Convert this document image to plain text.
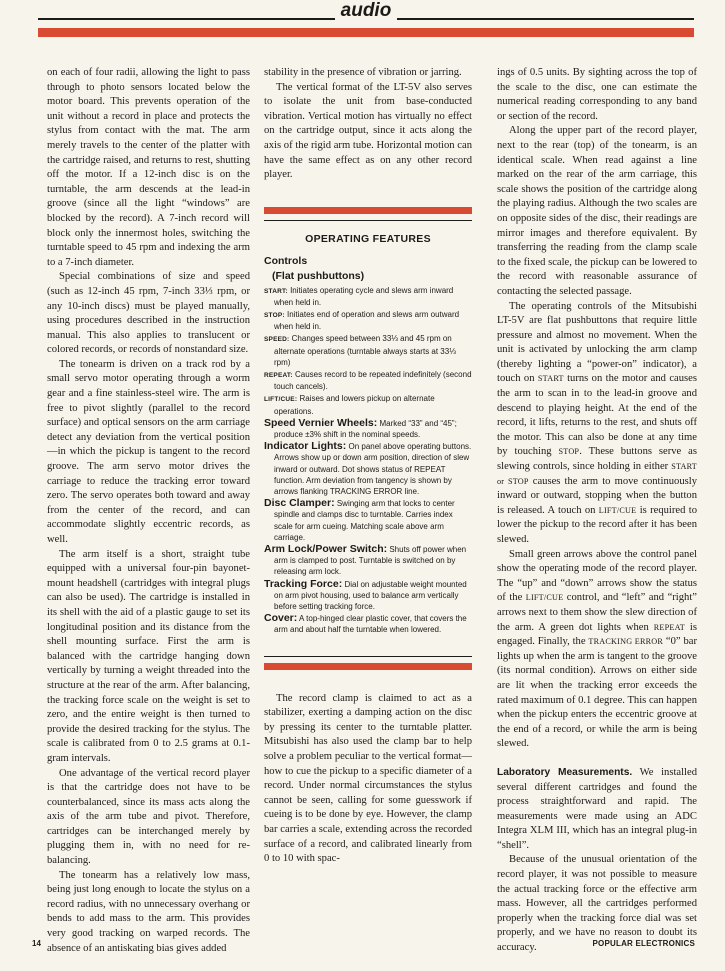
audio

on each of four radii, allowing the light to pass through to photo sensors located below the motor board. This prevents operation of the unit without a record in place and protects the stylus from contact with the mat. The arm merely travels to the center of the platter with the cartridge raised, and returns to rest, shutting off the motor. If a 12-inch disc is on the turntable, the arm descends at the lead-in groove (since all the light “windows” are blocked by the record). A 7-inch record will block only the innermost holes, switching the turntable speed to 45 rpm and indexing the arm to a 7-inch diameter.

Special combinations of size and speed (such as 12-inch 45 rpm, 7-inch 33⅓ rpm, or any 10-inch discs) must be played manually, using procedures described in the instruction manual. This also applies to translucent or colored records, or records of nonstandard size.

The tonearm is driven on a track rod by a small servo motor operating through a worm gear and a fine stainless-steel wire. The arm is free to pivot slightly (parallel to the record surface) and optical sensors on the arm carriage detect any deviation from the vertical position—in which the pickup is tangent to the record groove. The arm servo motor drives the carriage to reduce the tracking error toward zero. The servo operates both toward and away from the center of the record, and can accommodate slightly eccentric records, as well.

The arm itself is a short, straight tube equipped with a universal four-pin bayonet-mount headshell (cartridges with integral plugs can also be used). The cartridge is installed in its shell with the aid of a plastic gauge to set its longitudinal position and its distance from the shell mounting surface. First the arm is balanced with the cartridge hanging down vertically by turning a weight threaded into the structure at the rear of the arm. After balancing, the tracking force scale on the weight is set to zero, and the entire weight is then turned to provide the desired tracking for the stylus. The scale is calibrated from 0 to 2.5 grams at 0.1-gram intervals.

One advantage of the vertical record player is that the cartridge does not have to be counterbalanced, since its mass acts along the axis of the arm tube and pivot. Therefore, cartridges can be interchanged merely by plugging them in, with no need for re-balancing.

The tonearm has a relatively low mass, being just long enough to locate the stylus on a record radius, with no unnecessary overhang or bends to add mass to the arm. This provides very good tracking on warped records. The absence of an antiskating bias gives added

stability in the presence of vibration or jarring.

The vertical format of the LT-5V also serves to isolate the unit from base-conducted vibration. Vertical motion has virtually no effect on the cartridge output, since it acts along the axis of the rigid arm tube. Horizontal motion can have the same effect as on any other record player.

OPERATING FEATURES
Controls
(Flat pushbuttons)
START: Initiates operating cycle and slews arm inward when held in.
STOP: Initiates end of operation and slews arm outward when held in.
SPEED: Changes speed between 33⅓ and 45 rpm on alternate operations (turntable always starts at 33⅓ rpm)
REPEAT: Causes record to be repeated indefinitely (second touch cancels).
LIFT/CUE: Raises and lowers pickup on alternate operations.
Speed Vernier Wheels: Marked “33” and “45”; produce ±3% shift in the nominal speeds.
Indicator Lights: On panel above operating buttons. Arrows show up or down arm position, direction of slew inward or outward. Dot shows status of REPEAT function. Arm deviation from tangency is shown by arrows flanking TRACKING ERROR line.
Disc Clamper: Swinging arm that locks to center spindle and clamps disc to turntable. Carries index scale for arm cueing. Matching scale above arm carriage.
Arm Lock/Power Switch: Shuts off power when arm is clamped to post. Turntable is switched on by releasing arm lock.
Tracking Force: Dial on adjustable weight mounted on arm pivot housing, used to balance arm vertically before setting tracking force.
Cover: A top-hinged clear plastic cover, that covers the arm and about half the turntable when lowered.

The record clamp is claimed to act as a stabilizer, exerting a damping action on the disc by pressing its center to the turntable platter. Mitsubishi has also used the clamp bar to help solve a problem peculiar to the vertical format—how to cue the pickup to a specific diameter of a record. Under normal circumstances the stylus cannot be seen, calling for some guesswork if cueing is to be done by eye. However, the clamp bar carries a scale, extending across the recorded surface of a record, and calibrated linearly from 0 to 10 with spac-

ings of 0.5 units. By sighting across the top of the scale to the disc, one can estimate the numerical reading corresponding to any band or section of the record.

Along the upper part of the record player, next to the rear (top) of the tonearm, is an identical scale. When read against a line marked on the rear of the arm carriage, this scale shows the position of the cartridge along the playing radius. Although the two scales are on opposite sides of the disc, their readings are mirror images and therefore equivalent. By transferring the reading from the clamp scale to the fixed scale, the pickup can be lowered to the record with reasonable assurance of contacting the selected passage.

The operating controls of the Mitsubishi LT-5V are flat pushbuttons that require little pressure and almost no movement. When the unit is activated by unlocking the arm clamp (thereby lighting a “power-on” indicator), a touch on START turns on the motor and causes the arm to scan in to the lead-in groove and descend to playing height. At the end of the record, it lifts, returns to the rest, and shuts off the motor. This can also be done at any time by touching STOP. These buttons serve as slewing controls, since holding in either START or STOP causes the arm to move continuously inward or outward, stopping when the button is released. A touch on LIFT/CUE is required to lower the pickup to the record after it has been slewed.

Small green arrows above the control panel show the operating mode of the record player. The “up” and “down” arrows show the status of the LIFT/CUE control, and “left” and “right” arrows next to them show the slew direction of the arm. A green dot lights when REPEAT is engaged. Finally, the TRACKING ERROR “0” bar lights up when the arm is tangent to the groove (its normal condition). Arrows on either side are lit when the tracking error exceeds the rated maximum of 0.1 degree. This can happen when the pickup enters the eccentric groove at the end of a record, or while the arm is being slewed.

Laboratory Measurements. We installed several different cartridges and found the process straightforward and rapid. The measurements were made using an ADC Integra XLM III, which has an integral plug-in “shell”.

Because of the unusual orientation of the record player, it was not possible to measure the actual tracking force or the effective arm mass. However, all the cartridges performed properly when the tracking force dial was set properly, and we have no reason to doubt its accuracy.

14	POPULAR ELECTRONICS
